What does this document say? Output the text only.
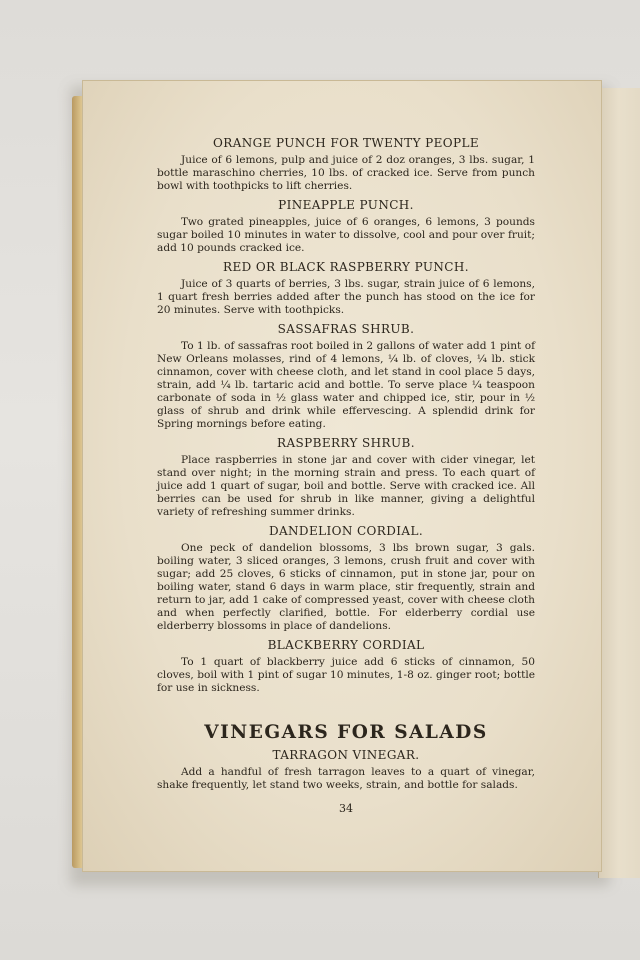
ORANGE PUNCH FOR TWENTY PEOPLE

Juice of 6 lemons, pulp and juice of 2 doz oranges, 3 lbs. sugar, 1 bottle maraschino cherries, 10 lbs. of cracked ice. Serve from punch bowl with toothpicks to lift cherries.

PINEAPPLE PUNCH.

Two grated pineapples, juice of 6 oranges, 6 lemons, 3 pounds sugar boiled 10 minutes in water to dissolve, cool and pour over fruit; add 10 pounds cracked ice.

RED OR BLACK RASPBERRY PUNCH.

Juice of 3 quarts of berries, 3 lbs. sugar, strain juice of 6 lemons, 1 quart fresh berries added after the punch has stood on the ice for 20 minutes. Serve with toothpicks.

SASSAFRAS SHRUB.

To 1 lb. of sassafras root boiled in 2 gallons of water add 1 pint of New Orleans molasses, rind of 4 lemons, ¼ lb. of cloves, ¼ lb. stick cinnamon, cover with cheese cloth, and let stand in cool place 5 days, strain, add ¼ lb. tartaric acid and bottle. To serve place ¼ teaspoon carbonate of soda in ½ glass water and chipped ice, stir, pour in ½ glass of shrub and drink while effervescing. A splendid drink for Spring mornings before eating.

RASPBERRY SHRUB.

Place raspberries in stone jar and cover with cider vinegar, let stand over night; in the morning strain and press. To each quart of juice add 1 quart of sugar, boil and bottle. Serve with cracked ice. All berries can be used for shrub in like manner, giving a delightful variety of refreshing summer drinks.

DANDELION CORDIAL.

One peck of dandelion blossoms, 3 lbs brown sugar, 3 gals. boiling water, 3 sliced oranges, 3 lemons, crush fruit and cover with sugar; add 25 cloves, 6 sticks of cinnamon, put in stone jar, pour on boiling water, stand 6 days in warm place, stir frequently, strain and return to jar, add 1 cake of compressed yeast, cover with cheese cloth and when perfectly clarified, bottle. For elderberry cordial use elderberry blossoms in place of dandelions.

BLACKBERRY CORDIAL

To 1 quart of blackberry juice add 6 sticks of cinnamon, 50 cloves, boil with 1 pint of sugar 10 minutes, 1-8 oz. ginger root; bottle for use in sickness.

VINEGARS FOR SALADS
TARRAGON VINEGAR.

Add a handful of fresh tarragon leaves to a quart of vinegar, shake frequently, let stand two weeks, strain, and bottle for salads.

34
